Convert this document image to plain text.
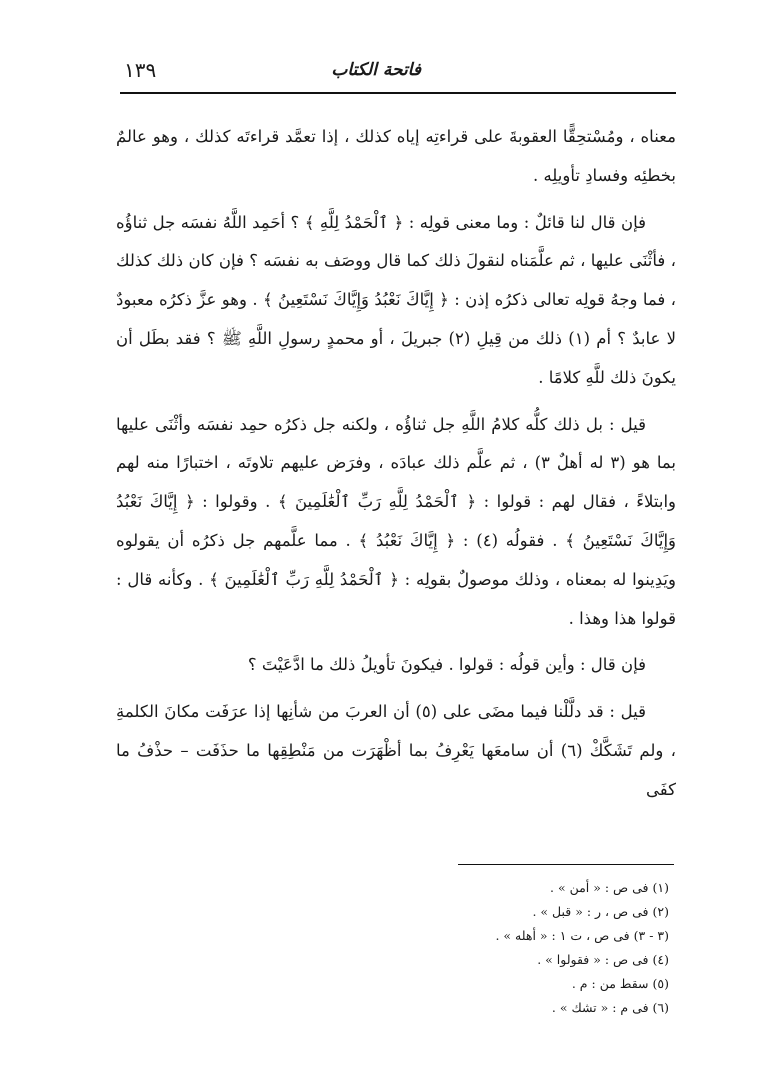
فاتحة الكتاب
١٣٩

معناه ، ومُسْتحِقًّا العقوبةَ على قراءتِه إياه كذلك ، إذا تعمَّد قراءتَه كذلك ، وهو عالمٌ بخطئِه وفسادِ تأويلِه .

فإن قال لنا قائلٌ : وما معنى قولِه : ﴿ ٱلْحَمْدُ لِلَّهِ ﴾ ؟ أحَمِد اللَّهُ نفسَه جل ثناؤُه ، فأثْنَى عليها ، ثم علَّمَناه لنقولَ ذلك كما قال ووصَف به نفسَه ؟ فإن كان ذلك كذلك ، فما وجهُ قولِه تعالى ذكرُه إذن : ﴿ إِيَّاكَ نَعْبُدُ وَإِيَّاكَ نَسْتَعِينُ ﴾ . وهو عزَّ ذكرُه معبودٌ لا عابدٌ ؟ أم (١) ذلك من قِيلِ (٢) جبريلَ ، أو محمدٍ رسولِ اللَّهِ ﷺ ؟ فقد بطَل أن يكونَ ذلك للَّهِ كلامًا .

قيل : بل ذلك كلُّه كلامُ اللَّهِ جل ثناؤُه ، ولكنه جل ذكرُه حمِد نفسَه وأثْنَى عليها بما هو (٣ له أهلٌ ٣) ، ثم علَّم ذلك عبادَه ، وفرَض عليهم تلاوتَه ، اختبارًا منه لهم وابتلاءً ، فقال لهم : قولوا : ﴿ ٱلْحَمْدُ لِلَّهِ رَبِّ ٱلْعَٰلَمِينَ ﴾ . وقولوا : ﴿ إِيَّاكَ نَعْبُدُ وَإِيَّاكَ نَسْتَعِينُ ﴾ . فقولُه (٤) : ﴿ إِيَّاكَ نَعْبُدُ ﴾ . مما علَّمهم جل ذكرُه أن يقولوه ويَدِينوا له بمعناه ، وذلك موصولٌ بقولِه : ﴿ ٱلْحَمْدُ لِلَّهِ رَبِّ ٱلْعَٰلَمِينَ ﴾ . وكأنه قال : قولوا هذا وهذا .

فإن قال : وأين قولُه : قولوا . فيكونَ تأويلُ ذلك ما ادَّعَيْتَ ؟

قيل : قد دلَّلْنا فيما مضَى على (٥) أن العربَ من شأنِها إذا عرَفَت مكانَ الكلمةِ ، ولم تَشَكَّكْ (٦) أن سامعَها يَعْرِفُ بما أظْهَرَت من مَنْطِقِها ما حذَفَت – حذْفُ ما كفَى

(١) فى ص : « أمن » .
(٢) فى ص ، ر : « قبل » .
(٣ - ٣) فى ص ، ت ١ : « أهله » .
(٤) فى ص : « فقولوا » .
(٥) سقط من : م .
(٦) فى م : « تشك » .
